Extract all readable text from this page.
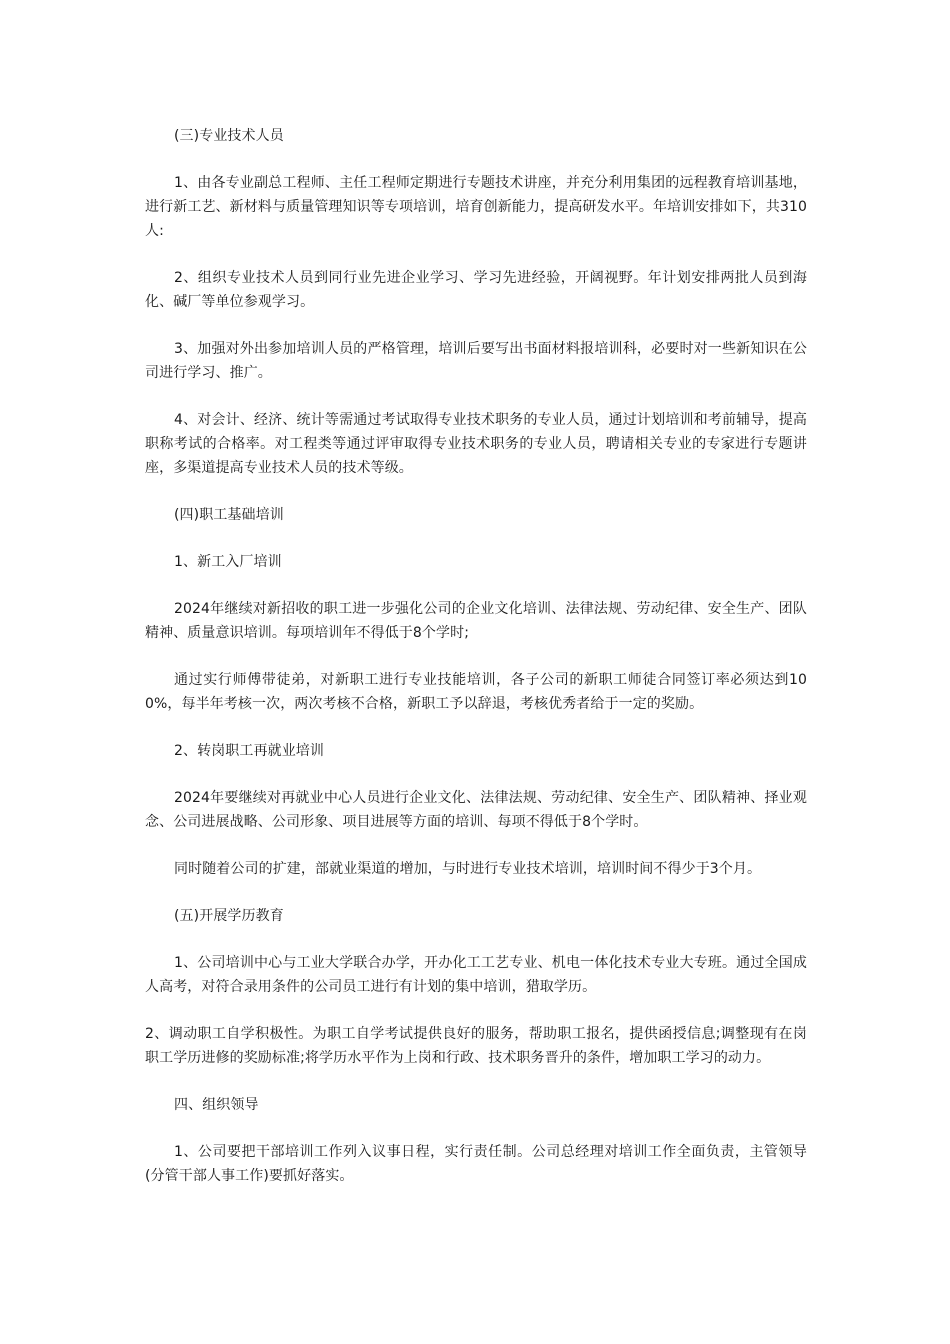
(三)专业技术人员

1、由各专业副总工程师、主任工程师定期进行专题技术讲座，并充分利用集团的远程教育培训基地，进行新工艺、新材料与质量管理知识等专项培训，培育创新能力，提高研发水平。年培训安排如下，共310人:

2、组织专业技术人员到同行业先进企业学习、学习先进经验，开阔视野。年计划安排两批人员到海化、碱厂等单位参观学习。

3、加强对外出参加培训人员的严格管理，培训后要写出书面材料报培训科，必要时对一些新知识在公司进行学习、推广。

4、对会计、经济、统计等需通过考试取得专业技术职务的专业人员，通过计划培训和考前辅导，提高职称考试的合格率。对工程类等通过评审取得专业技术职务的专业人员，聘请相关专业的专家进行专题讲座，多渠道提高专业技术人员的技术等级。

(四)职工基础培训

1、新工入厂培训

2024年继续对新招收的职工进一步强化公司的企业文化培训、法律法规、劳动纪律、安全生产、团队精神、质量意识培训。每项培训年不得低于8个学时;

通过实行师傅带徒弟，对新职工进行专业技能培训，各子公司的新职工师徒合同签订率必须达到100%，每半年考核一次，两次考核不合格，新职工予以辞退，考核优秀者给于一定的奖励。

2、转岗职工再就业培训

2024年要继续对再就业中心人员进行企业文化、法律法规、劳动纪律、安全生产、团队精神、择业观念、公司进展战略、公司形象、项目进展等方面的培训、每项不得低于8个学时。

同时随着公司的扩建，部就业渠道的增加，与时进行专业技术培训，培训时间不得少于3个月。

(五)开展学历教育

1、公司培训中心与工业大学联合办学，开办化工工艺专业、机电一体化技术专业大专班。通过全国成人高考，对符合录用条件的公司员工进行有计划的集中培训，猎取学历。

2、调动职工自学积极性。为职工自学考试提供良好的服务，帮助职工报名，提供函授信息;调整现有在岗职工学历进修的奖励标准;将学历水平作为上岗和行政、技术职务晋升的条件，增加职工学习的动力。

四、组织领导

1、公司要把干部培训工作列入议事日程，实行责任制。公司总经理对培训工作全面负责，主管领导(分管干部人事工作)要抓好落实。
